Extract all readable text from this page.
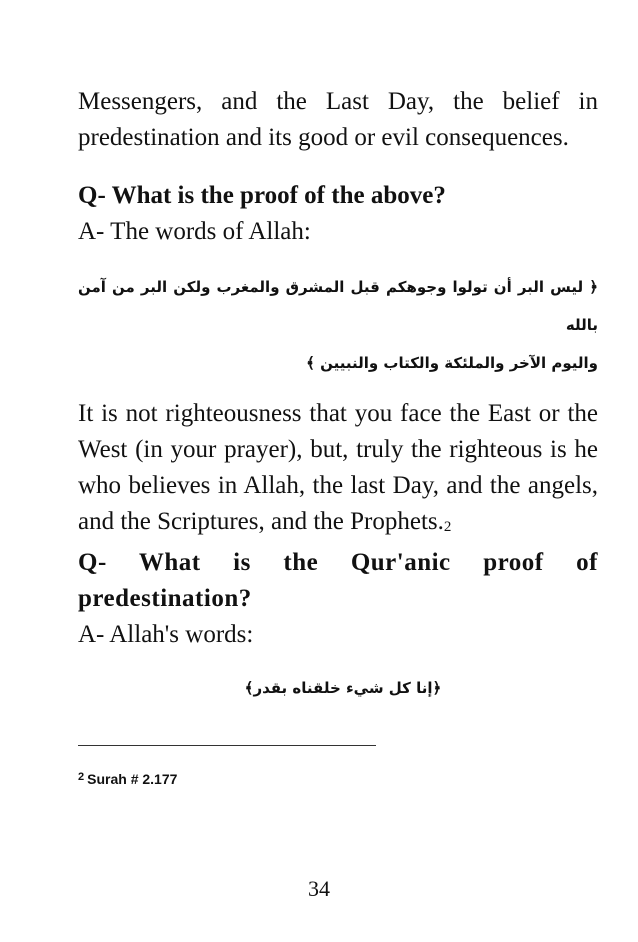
Messengers, and the Last Day, the belief in predestination and its good or evil consequences.

Q- What is the proof of the above?

A- The words of Allah:

﴿ ليس البر أن تولوا وجوهكم قبل المشرق والمغرب ولكن البر من آمن بالله
واليوم الآخر والملئكة والكتاب والنبيين ﴾

It is not righteousness that you face the East or the West (in your prayer), but, truly the righteous is he who believes in Allah, the last Day, and the angels, and the Scriptures, and the Prophets.2

Q- What is the Qur'anic proof of predestination?

A- Allah's words:

﴿إنا كل شيء خلقناه بقدر﴾
$^2$ Surah # 2.177
34
